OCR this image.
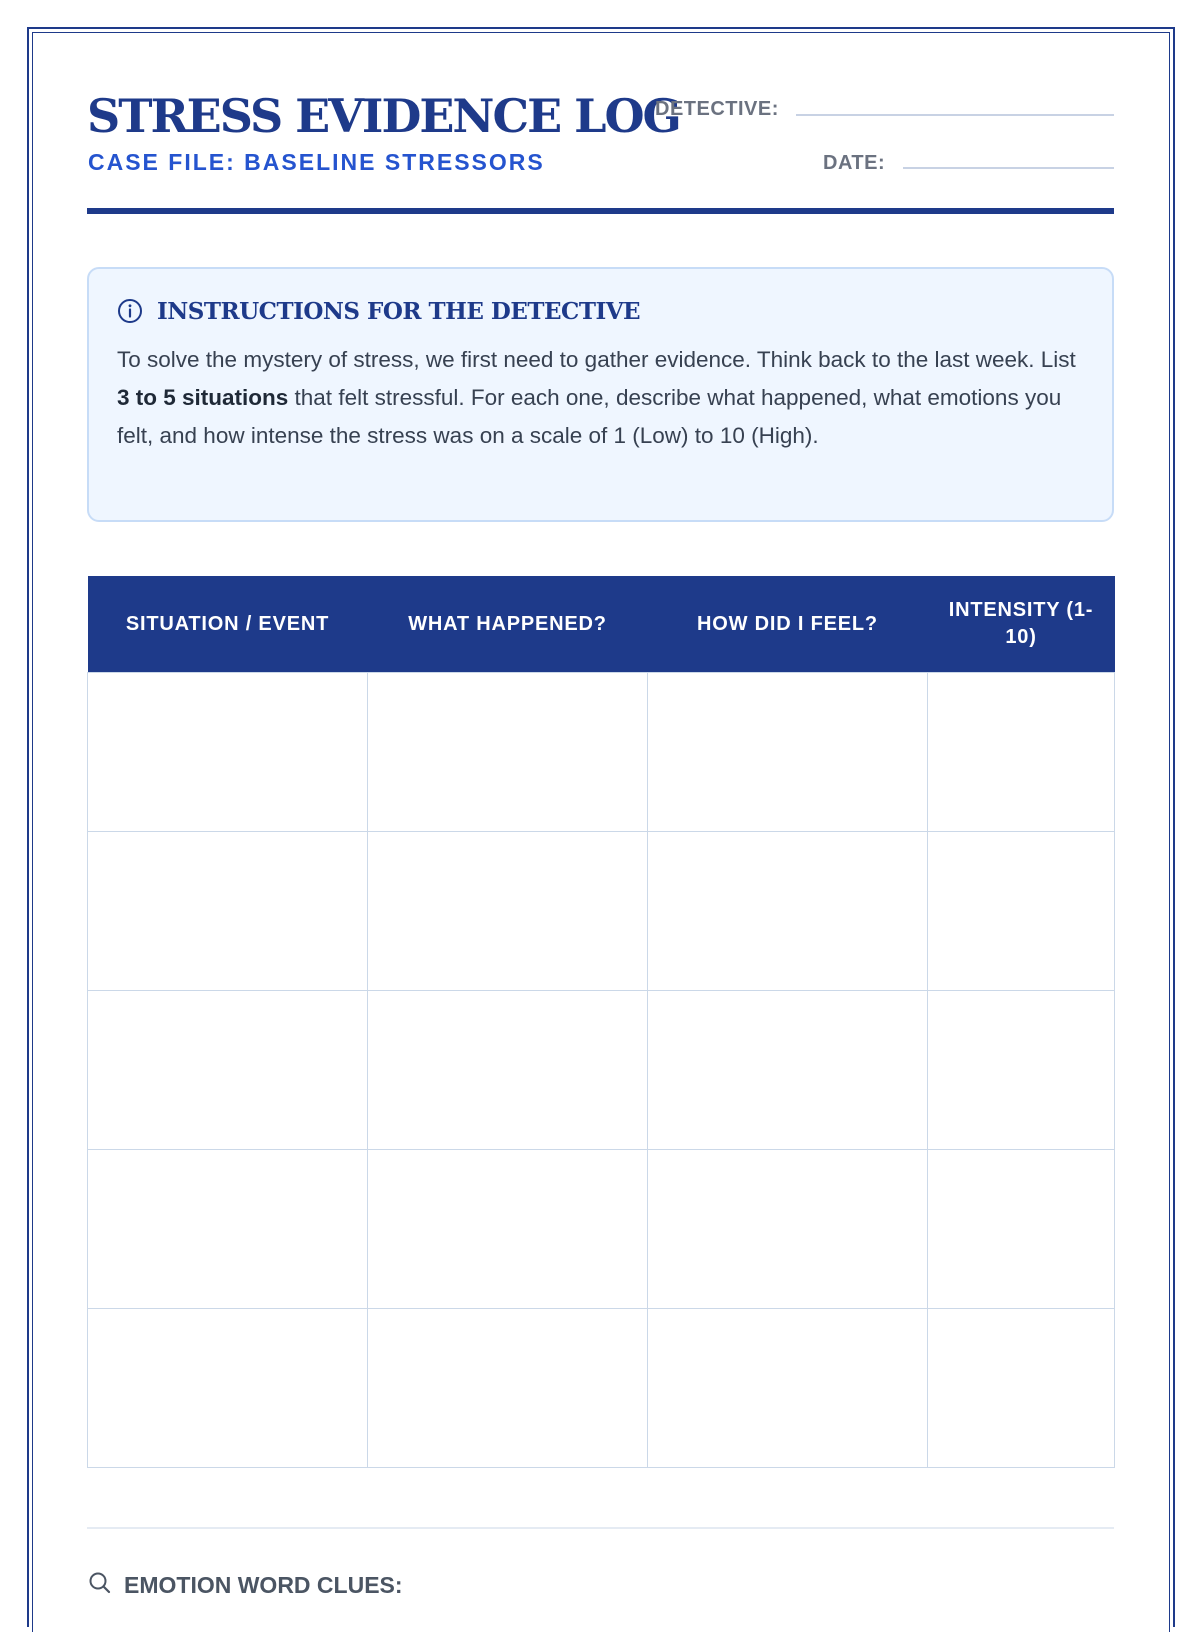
STRESS EVIDENCE LOG
CASE FILE: BASELINE STRESSORS
DETECTIVE:
DATE:
INSTRUCTIONS FOR THE DETECTIVE
To solve the mystery of stress, we first need to gather evidence. Think back to the last week. List 3 to 5 situations that felt stressful. For each one, describe what happened, what emotions you felt, and how intense the stress was on a scale of 1 (Low) to 10 (High).
SITUATION / EVENT	WHAT HAPPENED?	HOW DID I FEEL?	INTENSITY (1-10)

EMOTION WORD CLUES:
